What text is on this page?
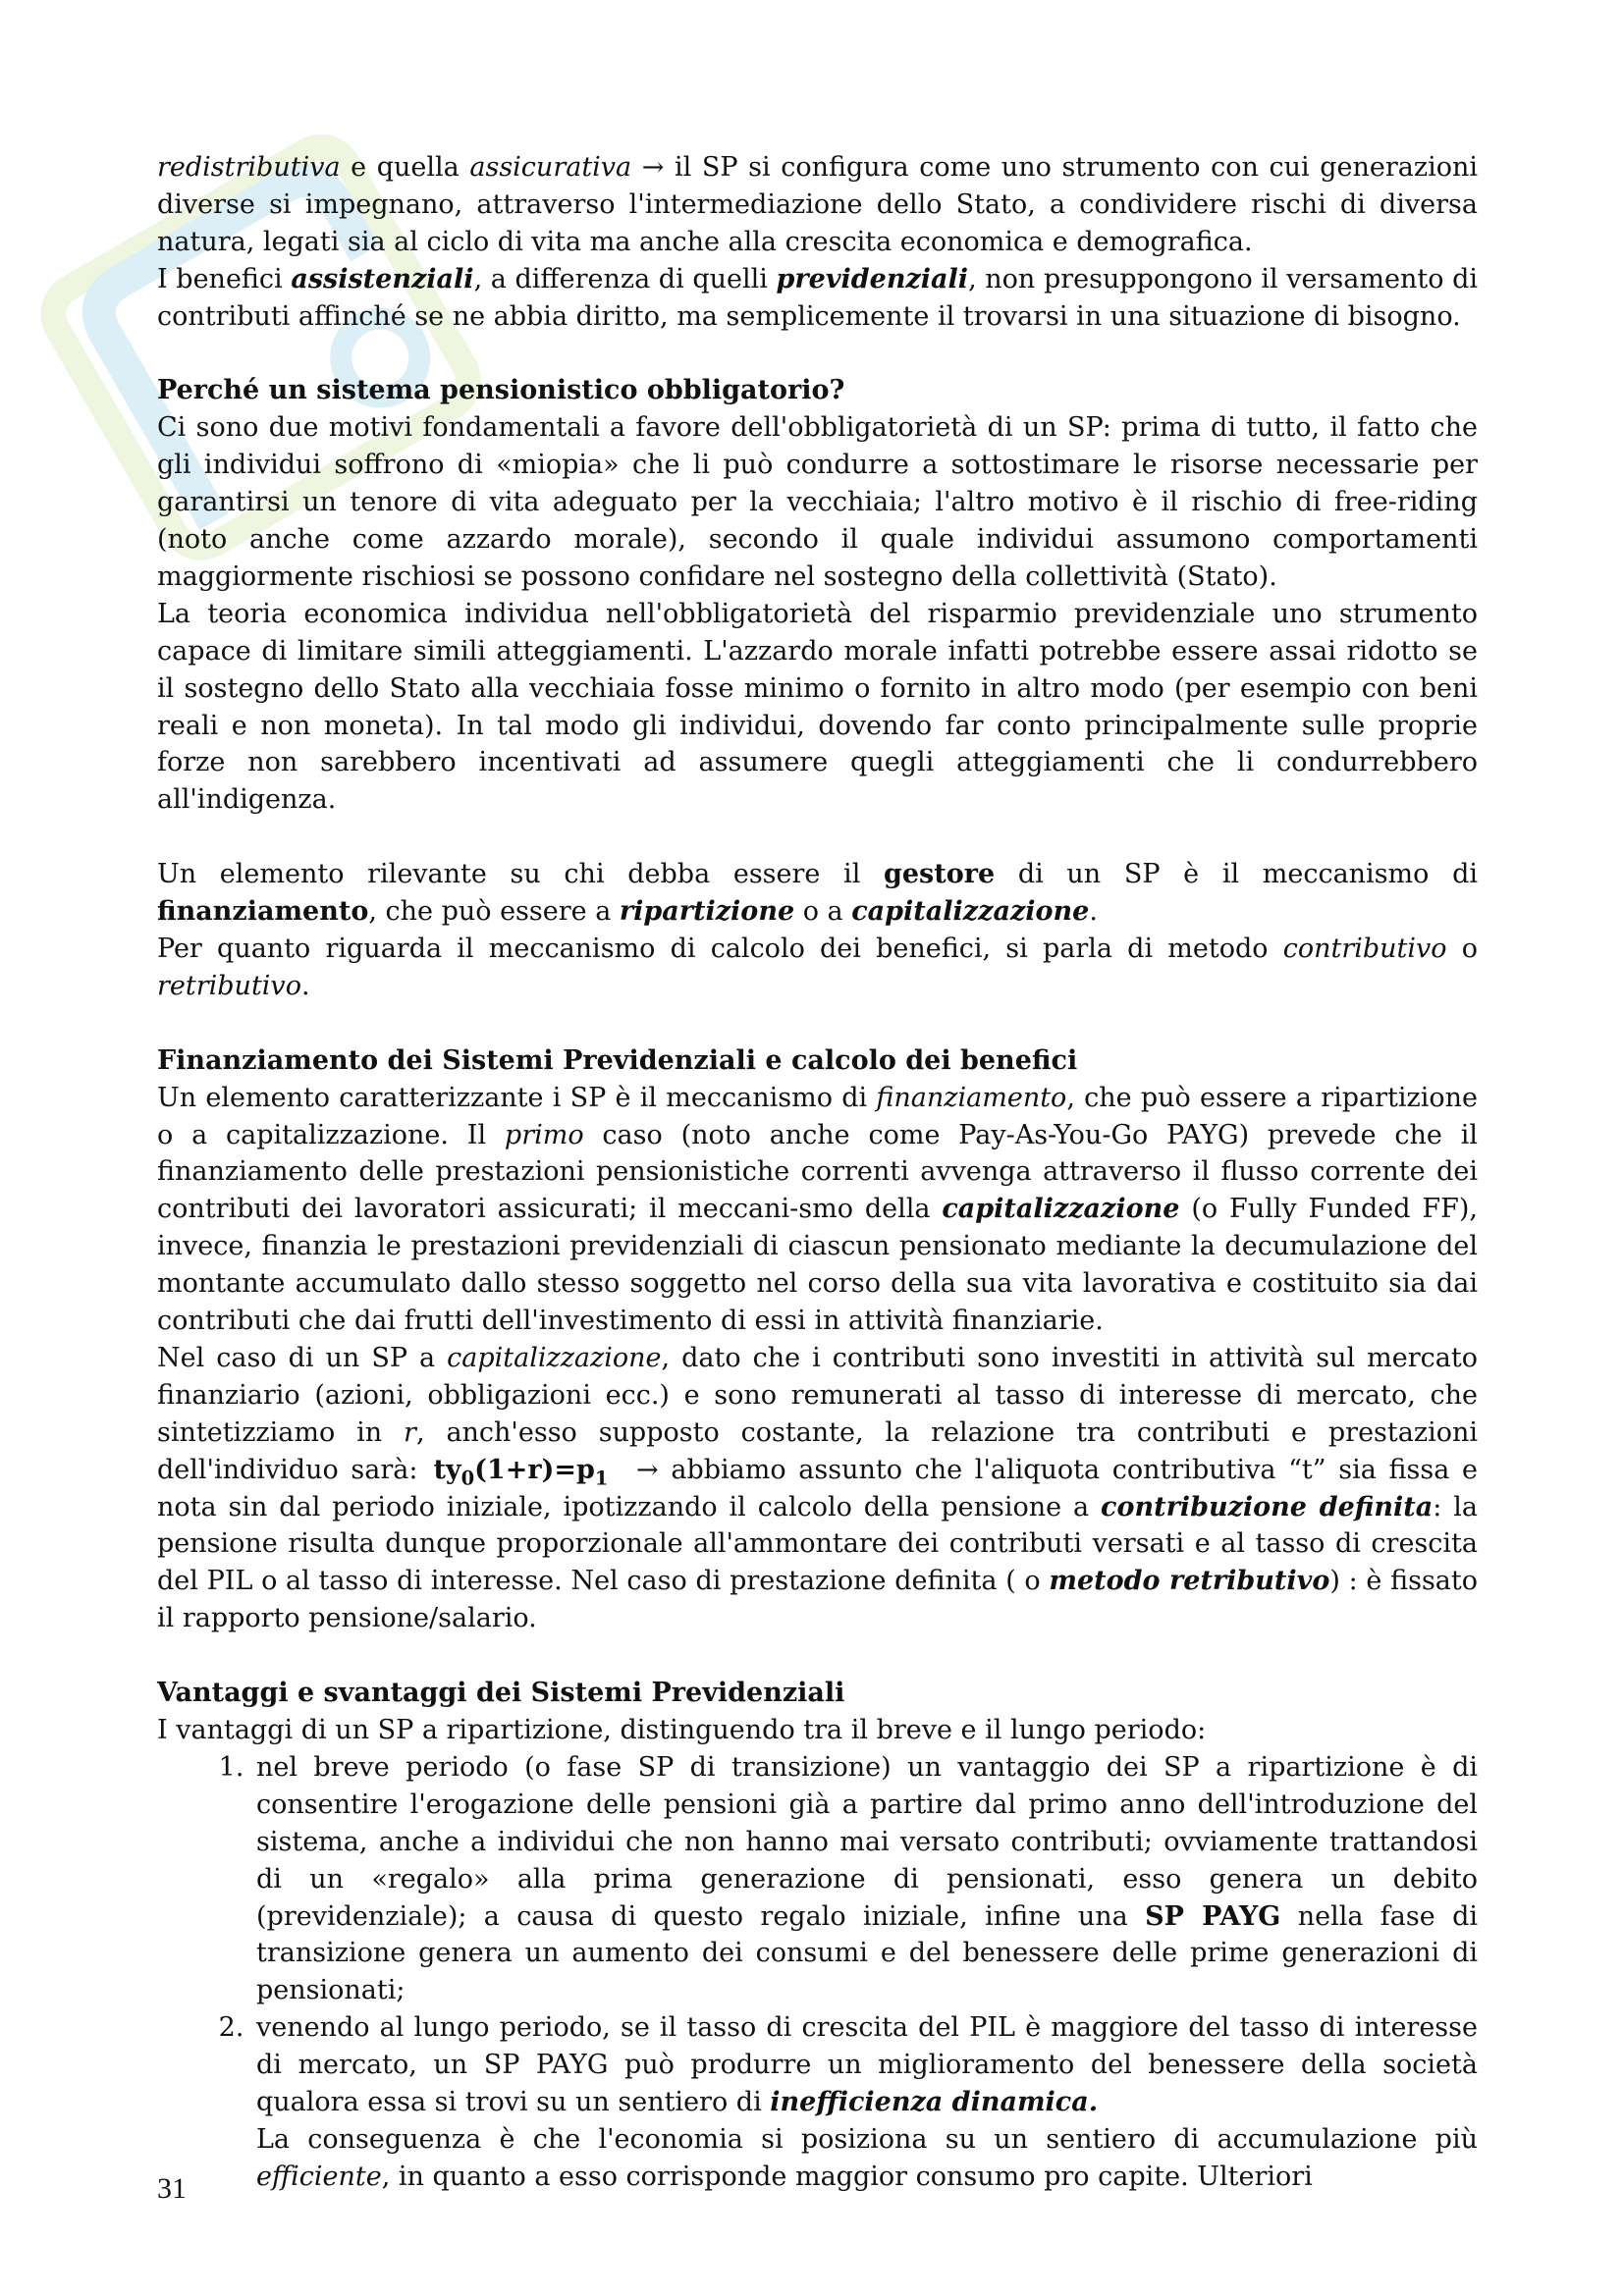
redistributiva e quella assicurativa → il SP si configura come uno strumento con cui generazioni diverse si impegnano, attraverso l'intermediazione dello Stato, a condividere rischi di diversa natura, legati sia al ciclo di vita ma anche alla crescita economica e demografica.

I benefici assistenziali, a differenza di quelli previdenziali, non presuppongono il versamento di contributi affinché se ne abbia diritto, ma semplicemente il trovarsi in una situazione di bisogno.

Perché un sistema pensionistico obbligatorio?

Ci sono due motivi fondamentali a favore dell'obbligatorietà di un SP: prima di tutto, il fatto che gli individui soffrono di «miopia» che li può condurre a sottostimare le risorse necessarie per garantirsi un tenore di vita adeguato per la vecchiaia; l'altro motivo è il rischio di free-riding (noto anche come azzardo morale), secondo il quale individui assumono comportamenti maggiormente rischiosi se possono confidare nel sostegno della collettività (Stato).

La teoria economica individua nell'obbligatorietà del risparmio previdenziale uno strumento capace di limitare simili atteggiamenti. L'azzardo morale infatti potrebbe essere assai ridotto se il sostegno dello Stato alla vecchiaia fosse minimo o fornito in altro modo (per esempio con beni reali e non moneta). In tal modo gli individui, dovendo far conto principalmente sulle proprie forze non sarebbero incentivati ad assumere quegli atteggiamenti che li condurrebbero all'indigenza.

Un elemento rilevante su chi debba essere il gestore di un SP è il meccanismo di finanziamento, che può essere a ripartizione o a capitalizzazione.

Per quanto riguarda il meccanismo di calcolo dei benefici, si parla di metodo contributivo o retributivo.

Finanziamento dei Sistemi Previdenziali e calcolo dei benefici

Un elemento caratterizzante i SP è il meccanismo di finanziamento, che può essere a ripartizione o a capitalizzazione. Il primo caso (noto anche come Pay-As-You-Go PAYG) prevede che il finanziamento delle prestazioni pensionistiche correnti avvenga attraverso il flusso corrente dei contributi dei lavoratori assicurati; il meccani-smo della capitalizzazione (o Fully Funded FF), invece, finanzia le prestazioni previdenziali di ciascun pensionato mediante la decumulazione del montante accumulato dallo stesso soggetto nel corso della sua vita lavorativa e costituito sia dai contributi che dai frutti dell'investimento di essi in attività finanziarie.

Nel caso di un SP a capitalizzazione, dato che i contributi sono investiti in attività sul mercato finanziario (azioni, obbligazioni ecc.) e sono remunerati al tasso di interesse di mercato, che sintetizziamo in r, anch'esso supposto costante, la relazione tra contributi e prestazioni dell'individuo sarà: $ty_0(1+r)=p_1$ → abbiamo assunto che l'aliquota contributiva “t” sia fissa e nota sin dal periodo iniziale, ipotizzando il calcolo della pensione a contribuzione definita: la pensione risulta dunque proporzionale all'ammontare dei contributi versati e al tasso di crescita del PIL o al tasso di interesse. Nel caso di prestazione definita ( o metodo retributivo) : è fissato il rapporto pensione/salario.

Vantaggi e svantaggi dei Sistemi Previdenziali

I vantaggi di un SP a ripartizione, distinguendo tra il breve e il lungo periodo:

1. nel breve periodo (o fase SP di transizione) un vantaggio dei SP a ripartizione è di consentire l'erogazione delle pensioni già a partire dal primo anno dell'introduzione del sistema, anche a individui che non hanno mai versato contributi; ovviamente trattandosi di un «regalo» alla prima generazione di pensionati, esso genera un debito (previdenziale); a causa di questo regalo iniziale, infine una SP PAYG nella fase di transizione genera un aumento dei consumi e del benessere delle prime generazioni di pensionati;
2. venendo al lungo periodo, se il tasso di crescita del PIL è maggiore del tasso di interesse di mercato, un SP PAYG può produrre un miglioramento del benessere della società qualora essa si trovi su un sentiero di inefficienza dinamica.
La conseguenza è che l'economia si posiziona su un sentiero di accumulazione più efficiente, in quanto a esso corrisponde maggior consumo pro capite. Ulteriori
31
